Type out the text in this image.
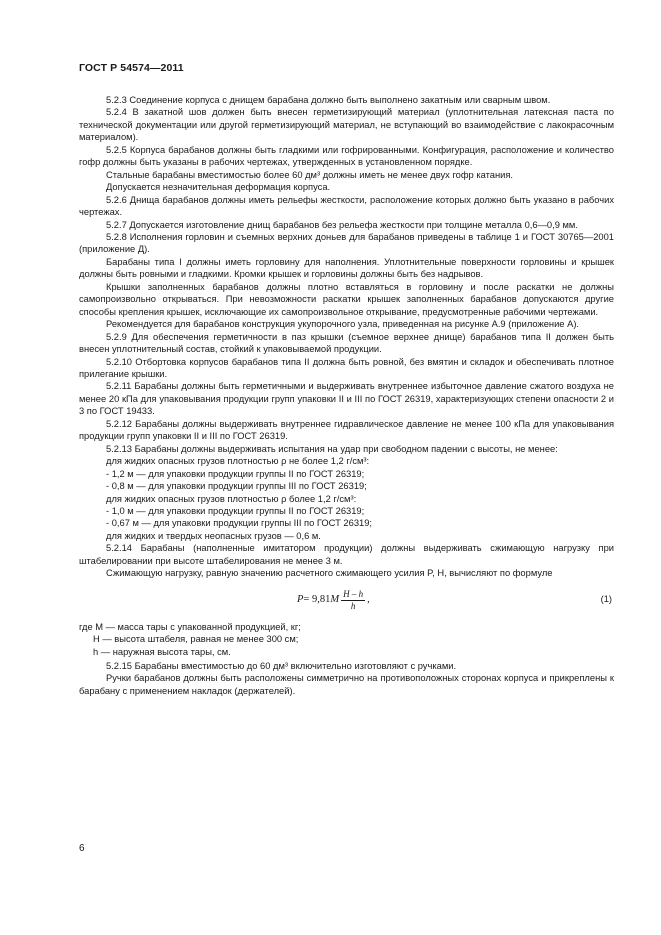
ГОСТ Р 54574—2011

5.2.3 Соединение корпуса с днищем барабана должно быть выполнено закатным или сварным швом.

5.2.4 В закатной шов должен быть внесен герметизирующий материал (уплотнительная латексная паста по технической документации или другой герметизирующий материал, не вступающий во взаимодействие с лакокрасочным материалом).

5.2.5 Корпуса барабанов должны быть гладкими или гофрированными. Конфигурация, расположение и количество гофр должны быть указаны в рабочих чертежах, утвержденных в установленном порядке.

Стальные барабаны вместимостью более 60 дм³ должны иметь не менее двух гофр катания.

Допускается незначительная деформация корпуса.

5.2.6 Днища барабанов должны иметь рельефы жесткости, расположение которых должно быть указано в рабочих чертежах.

5.2.7 Допускается изготовление днищ барабанов без рельефа жесткости при толщине металла 0,6—0,9 мм.

5.2.8 Исполнения горловин и съемных верхних доньев для барабанов приведены в таблице 1 и ГОСТ 30765—2001 (приложение Д).

Барабаны типа I должны иметь горловину для наполнения. Уплотнительные поверхности горловины и крышек должны быть ровными и гладкими. Кромки крышек и горловины должны быть без надрывов.

Крышки заполненных барабанов должны плотно вставляться в горловину и после раскатки не должны самопроизвольно открываться. При невозможности раскатки крышек заполненных барабанов допускаются другие способы крепления крышек, исключающие их самопроизвольное открывание, предусмотренные рабочими чертежами.

Рекомендуется для барабанов конструкция укупорочного узла, приведенная на рисунке А.9 (приложение А).

5.2.9 Для обеспечения герметичности в паз крышки (съемное верхнее днище) барабанов типа II должен быть внесен уплотнительный состав, стойкий к упаковываемой продукции.

5.2.10 Отбортовка корпусов барабанов типа II должна быть ровной, без вмятин и складок и обеспечивать плотное прилегание крышки.

5.2.11 Барабаны должны быть герметичными и выдерживать внутреннее избыточное давление сжатого воздуха не менее 20 кПа для упаковывания продукции групп упаковки II и III по ГОСТ 26319, характеризующих степени опасности 2 и 3 по ГОСТ 19433.

5.2.12 Барабаны должны выдерживать внутреннее гидравлическое давление не менее 100 кПа для упаковывания продукции групп упаковки II и III по ГОСТ 26319.

5.2.13 Барабаны должны выдерживать испытания на удар при свободном падении с высоты, не менее:

для жидких опасных грузов плотностью ρ не более 1,2 г/см³:
- 1,2 м — для упаковки продукции группы II по ГОСТ 26319;
- 0,8 м — для упаковки продукции группы III по ГОСТ 26319;
для жидких опасных грузов плотностью ρ более 1,2 г/см³:
- 1,0 м — для упаковки продукции группы II по ГОСТ 26319;
- 0,67 м — для упаковки продукции группы III по ГОСТ 26319;
для жидких и твердых неопасных грузов — 0,6 м.

5.2.14 Барабаны (наполненные имитатором продукции) должны выдерживать сжимающую нагрузку при штабелировании при высоте штабелирования не менее 3 м.

Сжимающую нагрузку, равную значению расчетного сжимающего усилия P, Н, вычисляют по формуле

P = 9,81 M $\frac{H - h}{h}$ ,	(1)
где M — масса тары с упакованной продукцией, кг;
H — высота штабеля, равная не менее 300 см;
h — наружная высота тары, см.

5.2.15 Барабаны вместимостью до 60 дм³ включительно изготовляют с ручками.

Ручки барабанов должны быть расположены симметрично на противоположных сторонах корпуса и прикреплены к барабану с применением накладок (держателей).

6
